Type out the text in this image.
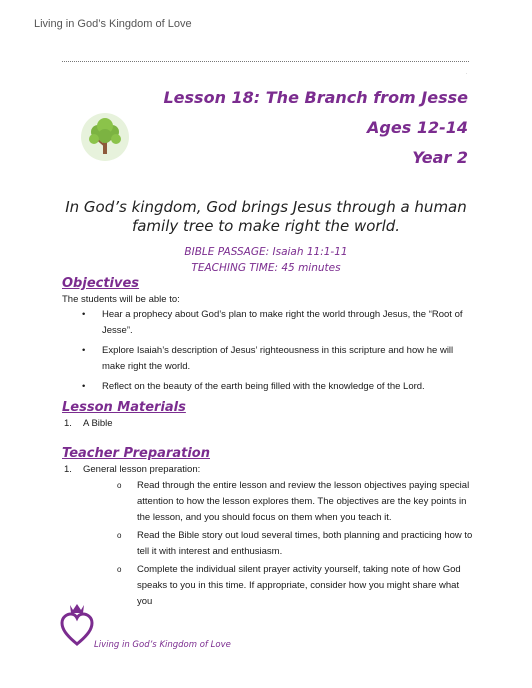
Living in God’s Kingdom of Love
.
Lesson 18: The Branch from Jesse
Ages 12-14
Year 2
In God’s kingdom, God brings Jesus through a human family tree to make right the world.
BIBLE PASSAGE: Isaiah 11:1-11
TEACHING TIME: 45 minutes
Objectives
The students will be able to:
• Hear a prophecy about God’s plan to make right the world through Jesus, the “Root of Jesse”.
• Explore Isaiah’s description of Jesus’ righteousness in this scripture and how he will make right the world.
• Reflect on the beauty of the earth being filled with the knowledge of the Lord.
Lesson Materials
1. A Bible
Teacher Preparation
1. General lesson preparation:
o Read through the entire lesson and review the lesson objectives paying special attention to how the lesson explores them. The objectives are the key points in the lesson, and you should focus on them when you teach it.
o Read the Bible story out loud several times, both planning and practicing how to tell it with interest and enthusiasm.
o Complete the individual silent prayer activity yourself, taking note of how God speaks to you in this time. If appropriate, consider how you might share what you
Living in God’s Kingdom of Love
